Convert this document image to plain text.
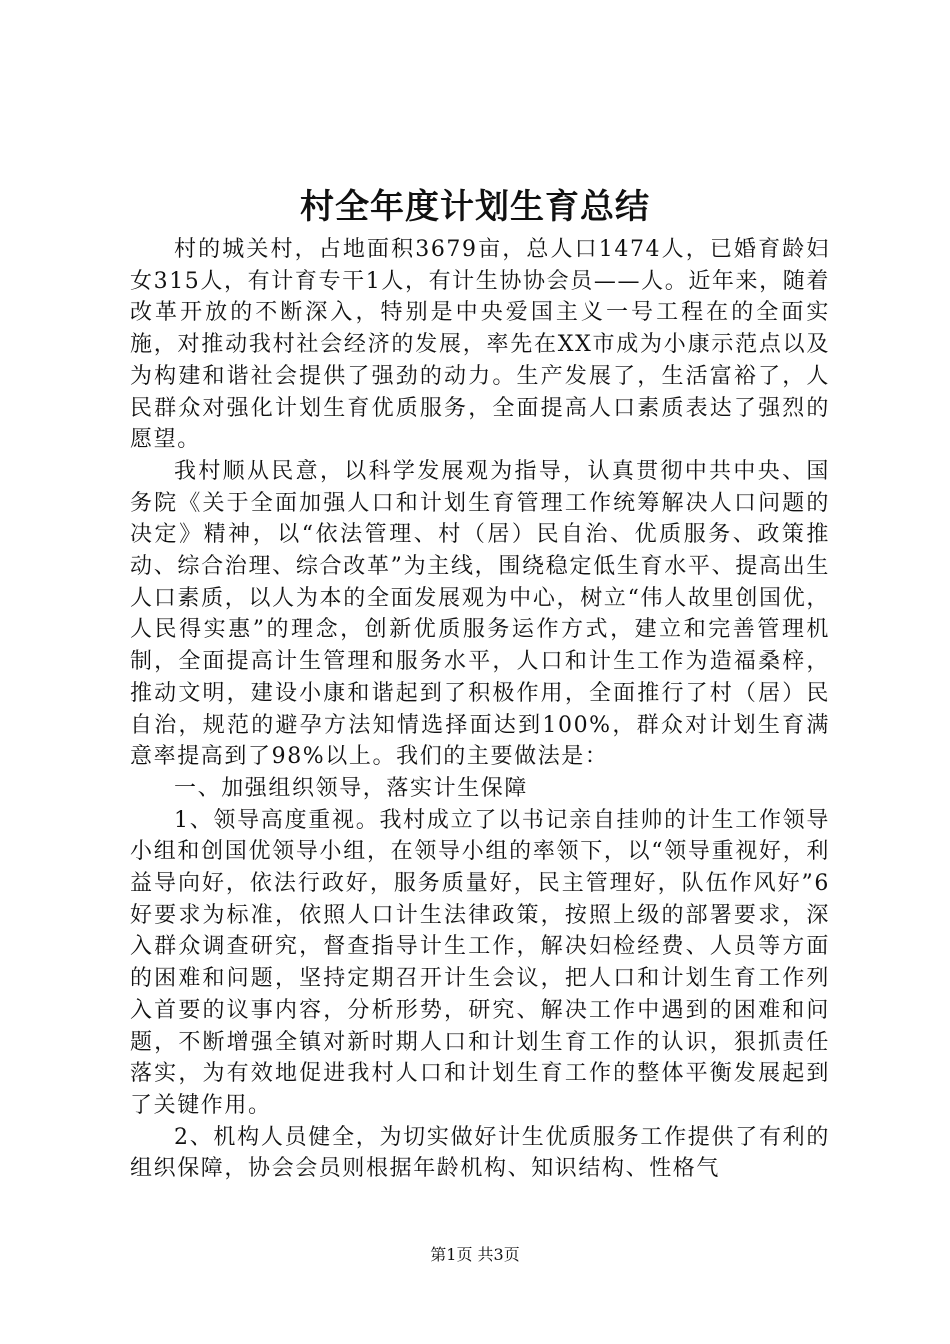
村全年度计划生育总结

村的城关村，占地面积3679亩，总人口1474人，已婚育龄妇女315人，有计育专干1人，有计生协协会员——人。近年来，随着改革开放的不断深入，特别是中央爱国主义一号工程在的全面实施，对推动我村社会经济的发展，率先在XX市成为小康示范点以及为构建和谐社会提供了强劲的动力。生产发展了，生活富裕了，人民群众对强化计划生育优质服务，全面提高人口素质表达了强烈的愿望。

我村顺从民意，以科学发展观为指导，认真贯彻中共中央、国务院《关于全面加强人口和计划生育管理工作统筹解决人口问题的决定》精神，以“依法管理、村（居）民自治、优质服务、政策推动、综合治理、综合改革”为主线，围绕稳定低生育水平、提高出生人口素质，以人为本的全面发展观为中心，树立“伟人故里创国优，人民得实惠”的理念，创新优质服务运作方式，建立和完善管理机制，全面提高计生管理和服务水平，人口和计生工作为造福桑梓，推动文明，建设小康和谐起到了积极作用，全面推行了村（居）民自治，规范的避孕方法知情选择面达到100%，群众对计划生育满意率提高到了98%以上。我们的主要做法是：

一、加强组织领导，落实计生保障

1、领导高度重视。我村成立了以书记亲自挂帅的计生工作领导小组和创国优领导小组，在领导小组的率领下，以“领导重视好，利益导向好，依法行政好，服务质量好，民主管理好，队伍作风好”6好要求为标准，依照人口计生法律政策，按照上级的部署要求，深入群众调查研究，督查指导计生工作，解决妇检经费、人员等方面的困难和问题，坚持定期召开计生会议，把人口和计划生育工作列入首要的议事内容，分析形势，研究、解决工作中遇到的困难和问题，不断增强全镇对新时期人口和计划生育工作的认识，狠抓责任落实，为有效地促进我村人口和计划生育工作的整体平衡发展起到了关键作用。

2、机构人员健全，为切实做好计生优质服务工作提供了有利的组织保障，协会会员则根据年龄机构、知识结构、性格气

第1页 共3页
